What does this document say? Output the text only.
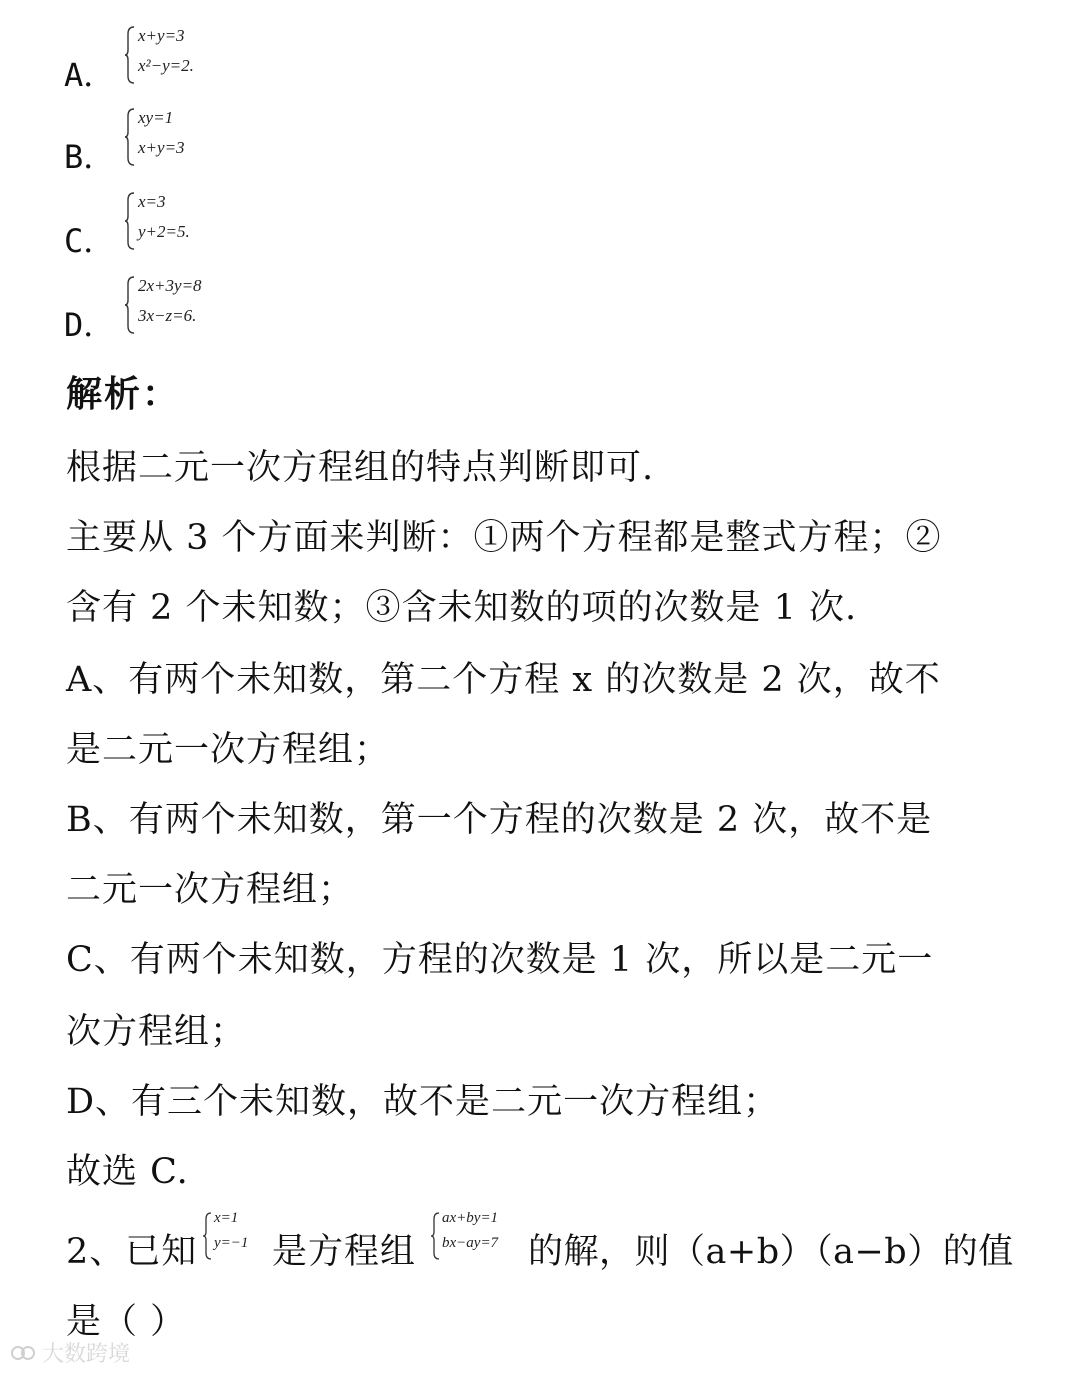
A．
x+y=3
x²−y=2.
B．
xy=1
x+y=3
C．
x=3
y+2=5.
D．
2x+3y=8
3x−z=6.
解析：
根据二元一次方程组的特点判断即可.
主要从 3 个方面来判断：①两个方程都是整式方程；②
含有 2 个未知数；③含未知数的项的次数是 1 次.
A、有两个未知数，第二个方程 x 的次数是 2 次，故不
是二元一次方程组；
B、有两个未知数，第一个方程的次数是 2 次，故不是
二元一次方程组；
C、有两个未知数，方程的次数是 1 次，所以是二元一
次方程组；
D、有三个未知数，故不是二元一次方程组；
故选 C.
2、已知
x=1
y=−1 是方程组
ax+by=1
bx−ay=7 的解，则（a+b）（a−b）的值
是（ ）
大数跨境
